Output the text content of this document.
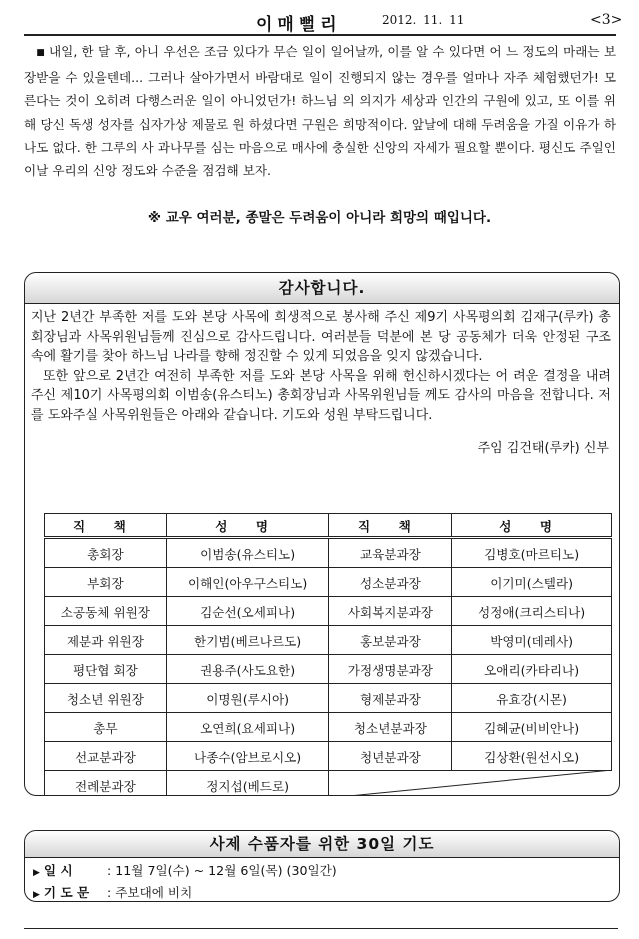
이매뻘리	2012. 11. 11	<3>

■ 내일, 한 달 후, 아니 우선은 조금 있다가 무슨 일이 일어날까, 이를 알 수 있다면 어 느 정도의 마래는 보장받을 수 있을텐데... 그러나 살아가면서 바람대로 일이 진행되지 않는 경우를 얼마나 자주 체험했던가! 모른다는 것이 오히려 다행스러운 일이 아니었던가! 하느님 의 의지가 세상과 인간의 구원에 있고, 또 이를 위해 당신 독생 성자를 십자가상 제물로 원 하셨다면 구원은 희망적이다. 앞날에 대해 두려움을 가질 이유가 하나도 없다. 한 그루의 사 과나무를 심는 마음으로 매사에 충실한 신앙의 자세가 필요할 뿐이다. 평신도 주일인 이날 우리의 신앙 정도와 수준을 점검해 보자.

※ 교우 여러분, 종말은 두려움이 아니라 희망의 때입니다.
감사합니다.

지난 2년간 부족한 저를 도와 본당 사목에 희생적으로 봉사해 주신 제9기 사목평의회 김재구(루카) 총회장님과 사목위원님들께 진심으로 감사드립니다. 여러분들 덕분에 본 당 공동체가 더욱 안정된 구조 속에 활기를 찾아 하느님 나라를 향해 정진할 수 있게 되었음을 잊지 않겠습니다.

또한 앞으로 2년간 여전히 부족한 저를 도와 본당 사목을 위해 헌신하시겠다는 어 려운 결정을 내려주신 제10기 사목평의회 이범송(유스티노) 총회장님과 사목위원님들 께도 감사의 마음을 전합니다. 저를 도와주실 사목위원들은 아래와 같습니다. 기도와 성원 부탁드립니다.

주임 김건태(루카) 신부
직 책	성 명	직 책	성 명
총회장	이범송(유스티노)	교육분과장	김병호(마르티노)
부회장	이해인(아우구스티노)	성소분과장	이기미(스텔라)
소공동체 위원장	김순선(오세피나)	사회복지분과장	성정애(크리스티나)
제분과 위원장	한기범(베르나르도)	홍보분과장	박영미(데레사)
평단협 회장	권용주(사도요한)	가정생명분과장	오애리(카타리나)
청소년 위원장	이명원(루시아)	형제분과장	유효강(시몬)
총무	오연희(요세피나)	청소년분과장	김혜균(비비안나)
선교분과장	나종수(암브로시오)	청년분과장	김상환(원선시오)
전례분과장	정지섭(베드로)	
사제 수품자를 위한 30일 기도
▶ 일 시	: 11월 7일(수) ~ 12월 6일(목) (30일간)
▶ 기 도 문	: 주보대에 비치
